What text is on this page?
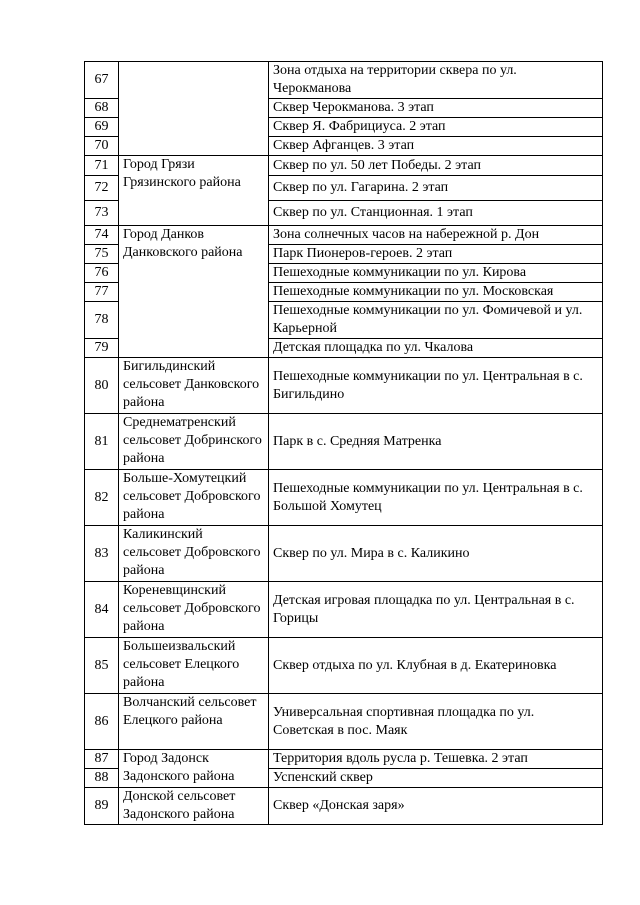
67		Зона отдыха на территории сквера по ул. Черокманова
68		Сквер Черокманова. 3 этап
69		Сквер Я. Фабрициуса. 2 этап
70		Сквер Афганцев. 3 этап
71	Город Грязи Грязинского района	Сквер по ул. 50 лет Победы. 2 этап
72		Сквер по ул. Гагарина. 2 этап
73		Сквер по ул. Станционная. 1 этап
74	Город Данков Данковского района	Зона солнечных часов на набережной р. Дон
75		Парк Пионеров-героев. 2 этап
76		Пешеходные коммуникации по ул. Кирова
77		Пешеходные коммуникации по ул. Московская
78		Пешеходные коммуникации по ул. Фомичевой и ул. Карьерной
79		Детская площадка по ул. Чкалова
80	Бигильдинский сельсовет Данковского района	Пешеходные коммуникации по ул. Центральная в с. Бигильдино
81	Среднематренский сельсовет Добринского района	Парк в с. Средняя Матренка
82	Больше-Хомутецкий сельсовет Добровского района	Пешеходные коммуникации по ул. Центральная в с. Большой Хомутец
83	Каликинский сельсовет Добровского района	Сквер по ул. Мира в с. Каликино
84	Кореневщинский сельсовет Добровского района	Детская игровая площадка по ул. Центральная в с. Горицы
85	Большеизвальский сельсовет Елецкого района	Сквер отдыха по ул. Клубная в д. Екатериновка
86	Волчанский сельсовет Елецкого района	Универсальная спортивная площадка по ул. Советская в пос. Маяк
87	Город Задонск Задонского района	Территория вдоль русла р. Тешевка. 2 этап
88		Успенский сквер
89	Донской сельсовет Задонского района	Сквер «Донская заря»
